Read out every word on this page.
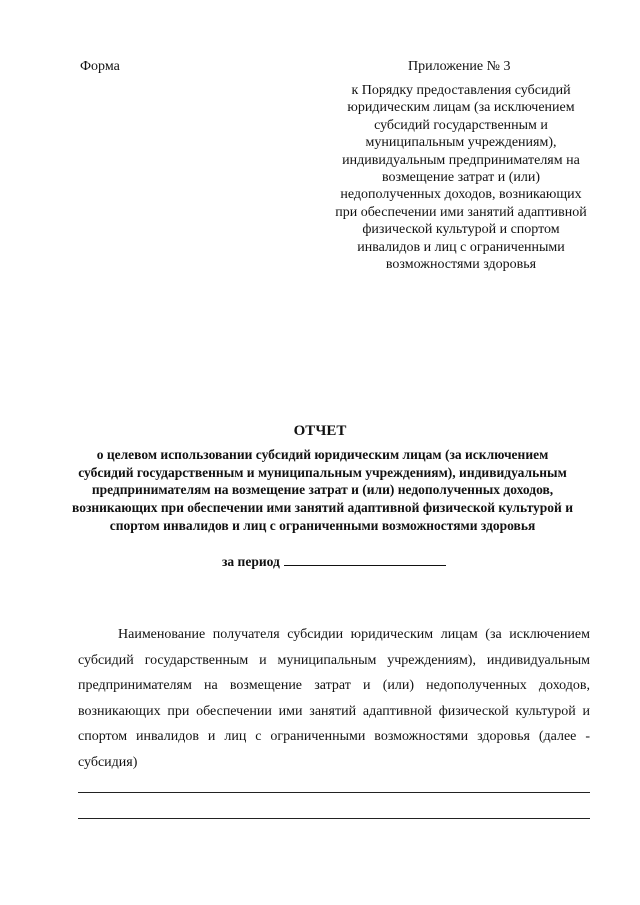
Форма	Приложение № 3
к Порядку предоставления субсидий юридическим лицам (за исключением субсидий государственным и муниципальным учреждениям), индивидуальным предпринимателям на возмещение затрат и (или) недополученных доходов, возникающих при обеспечении ими занятий адаптивной физической культурой и спортом инвалидов и лиц с ограниченными возможностями здоровья
ОТЧЕТ
о целевом использовании субсидий юридическим лицам (за исключением субсидий государственным и муниципальным учреждениям), индивидуальным предпринимателям на возмещение затрат и (или) недополученных доходов, возникающих при обеспечении ими занятий адаптивной физической культурой и спортом инвалидов и лиц с ограниченными возможностями здоровья
за период
Наименование получателя субсидии юридическим лицам (за исключением субсидий государственным и муниципальным учреждениям), индивидуальным предпринимателям на возмещение затрат и (или) недополученных доходов, возникающих при обеспечении ими занятий адаптивной физической культурой и спортом инвалидов и лиц с ограниченными возможностями здоровья (далее - субсидия)
